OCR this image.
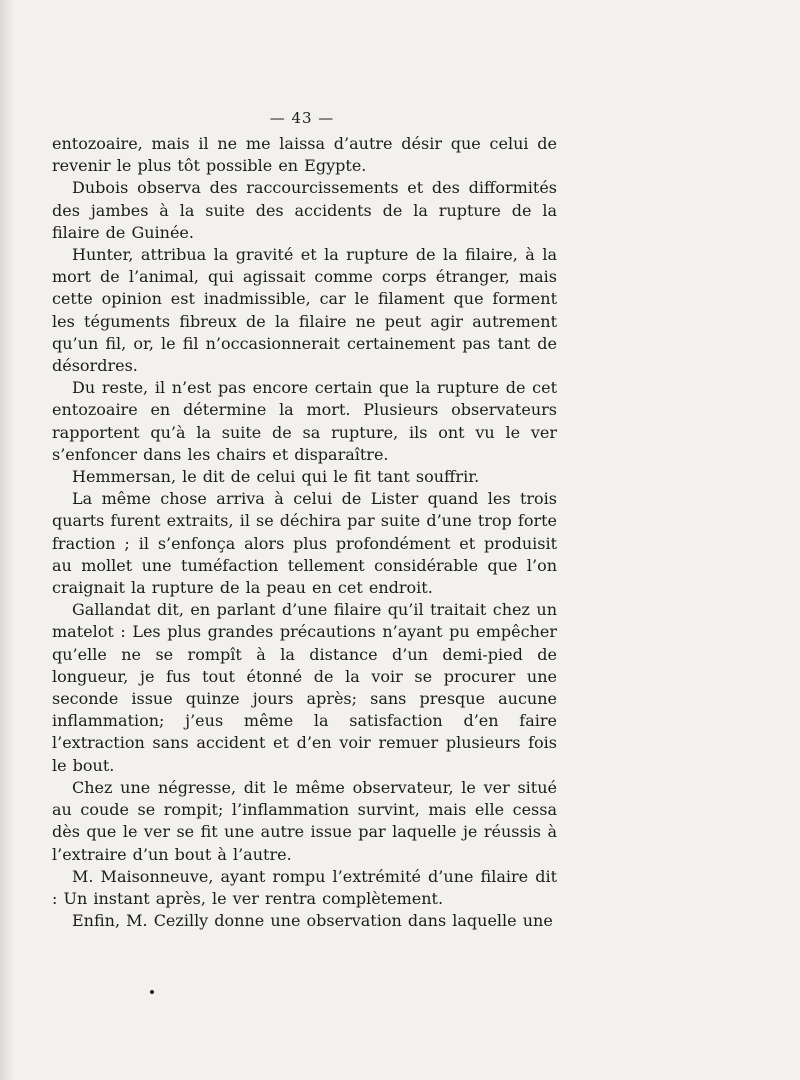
— 43 —

entozoaire, mais il ne me laissa d’autre désir que celui de revenir le plus tôt possible en Egypte.

Dubois observa des raccourcissements et des difformités des jambes à la suite des accidents de la rupture de la filaire de Guinée.

Hunter, attribua la gravité et la rupture de la filaire, à la mort de l’animal, qui agissait comme corps étranger, mais cette opinion est inadmissible, car le filament que forment les téguments fibreux de la filaire ne peut agir autrement qu’un fil, or, le fil n’occasionnerait certainement pas tant de désordres.

Du reste, il n’est pas encore certain que la rupture de cet entozoaire en détermine la mort. Plusieurs observateurs rapportent qu’à la suite de sa rupture, ils ont vu le ver s’enfoncer dans les chairs et disparaître.

Hemmersan, le dit de celui qui le fit tant souffrir.

La même chose arriva à celui de Lister quand les trois quarts furent extraits, il se déchira par suite d’une trop forte fraction ; il s’enfonça alors plus profondément et produisit au mollet une tuméfaction tellement considérable que l’on craignait la rupture de la peau en cet endroit.

Gallandat dit, en parlant d’une filaire qu’il traitait chez un matelot : Les plus grandes précautions n’ayant pu empêcher qu’elle ne se rompît à la distance d’un demi-pied de longueur, je fus tout étonné de la voir se procurer une seconde issue quinze jours après; sans presque aucune inflammation; j’eus même la satisfaction d’en faire l’extraction sans accident et d’en voir remuer plusieurs fois le bout.

Chez une négresse, dit le même observateur, le ver situé au coude se rompit; l’inflammation survint, mais elle cessa dès que le ver se fit une autre issue par laquelle je réussis à l’extraire d’un bout à l’autre.

M. Maisonneuve, ayant rompu l’extrémité d’une filaire dit : Un instant après, le ver rentra complètement.

Enfin, M. Cezilly donne une observation dans laquelle une
